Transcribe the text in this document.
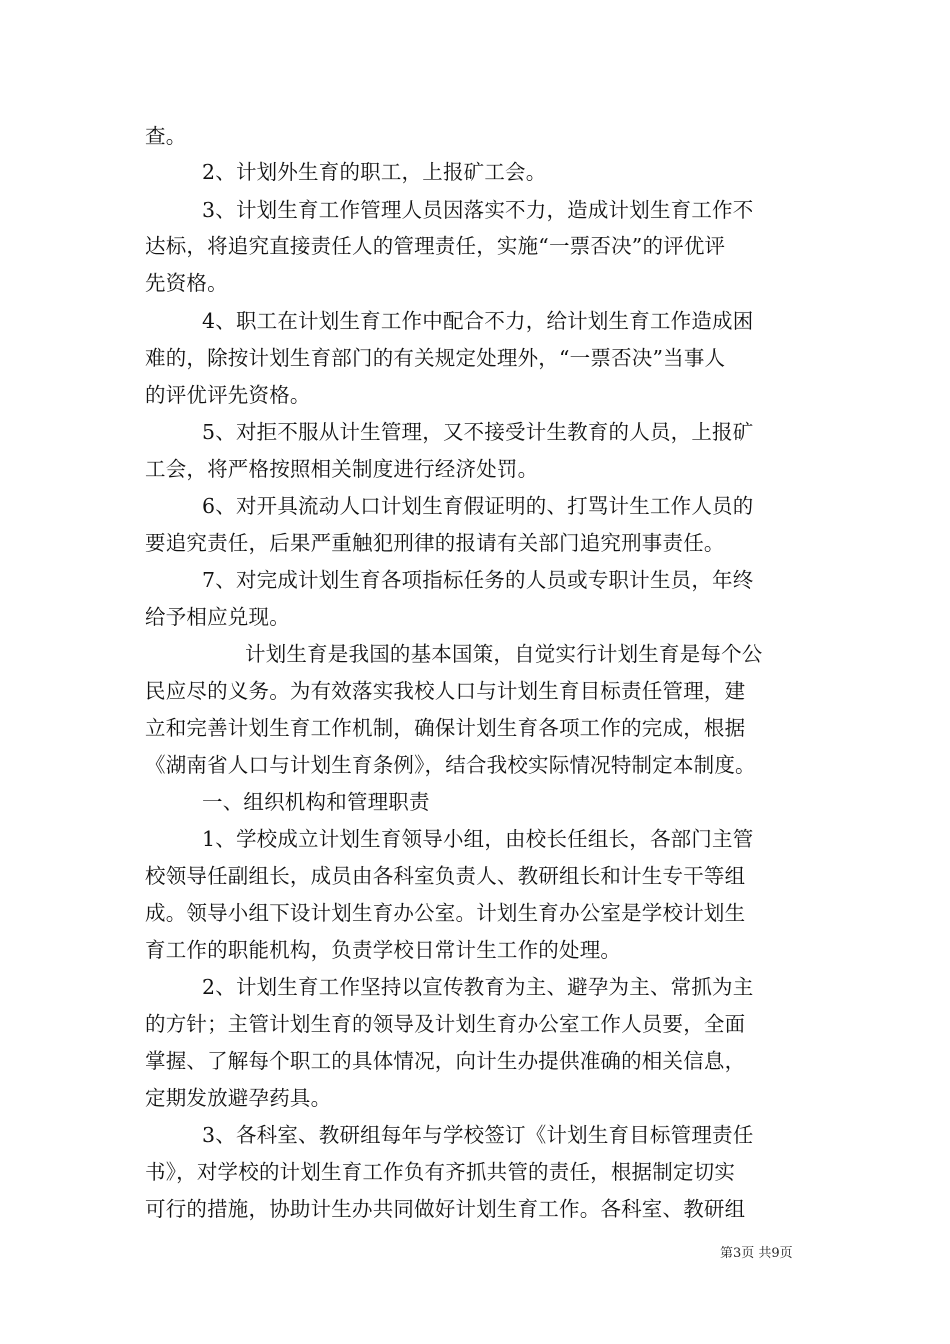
查。
2、计划外生育的职工，上报矿工会。
3、计划生育工作管理人员因落实不力，造成计划生育工作不
达标，将追究直接责任人的管理责任，实施“一票否决”的评优评
先资格。
4、职工在计划生育工作中配合不力，给计划生育工作造成困
难的，除按计划生育部门的有关规定处理外，“一票否决”当事人
的评优评先资格。
5、对拒不服从计生管理，又不接受计生教育的人员，上报矿
工会，将严格按照相关制度进行经济处罚。
6、对开具流动人口计划生育假证明的、打骂计生工作人员的
要追究责任，后果严重触犯刑律的报请有关部门追究刑事责任。
7、对完成计划生育各项指标任务的人员或专职计生员，年终
给予相应兑现。
计划生育是我国的基本国策，自觉实行计划生育是每个公
民应尽的义务。为有效落实我校人口与计划生育目标责任管理，建
立和完善计划生育工作机制，确保计划生育各项工作的完成，根据
《湖南省人口与计划生育条例》，结合我校实际情况特制定本制度。
一、组织机构和管理职责
1、学校成立计划生育领导小组，由校长任组长，各部门主管
校领导任副组长，成员由各科室负责人、教研组长和计生专干等组
成。领导小组下设计划生育办公室。计划生育办公室是学校计划生
育工作的职能机构，负责学校日常计生工作的处理。
2、计划生育工作坚持以宣传教育为主、避孕为主、常抓为主
的方针；主管计划生育的领导及计划生育办公室工作人员要，全面
掌握、了解每个职工的具体情况，向计生办提供准确的相关信息，
定期发放避孕药具。
3、各科室、教研组每年与学校签订《计划生育目标管理责任
书》，对学校的计划生育工作负有齐抓共管的责任，根据制定切实
可行的措施，协助计生办共同做好计划生育工作。各科室、教研组
第3页 共9页
